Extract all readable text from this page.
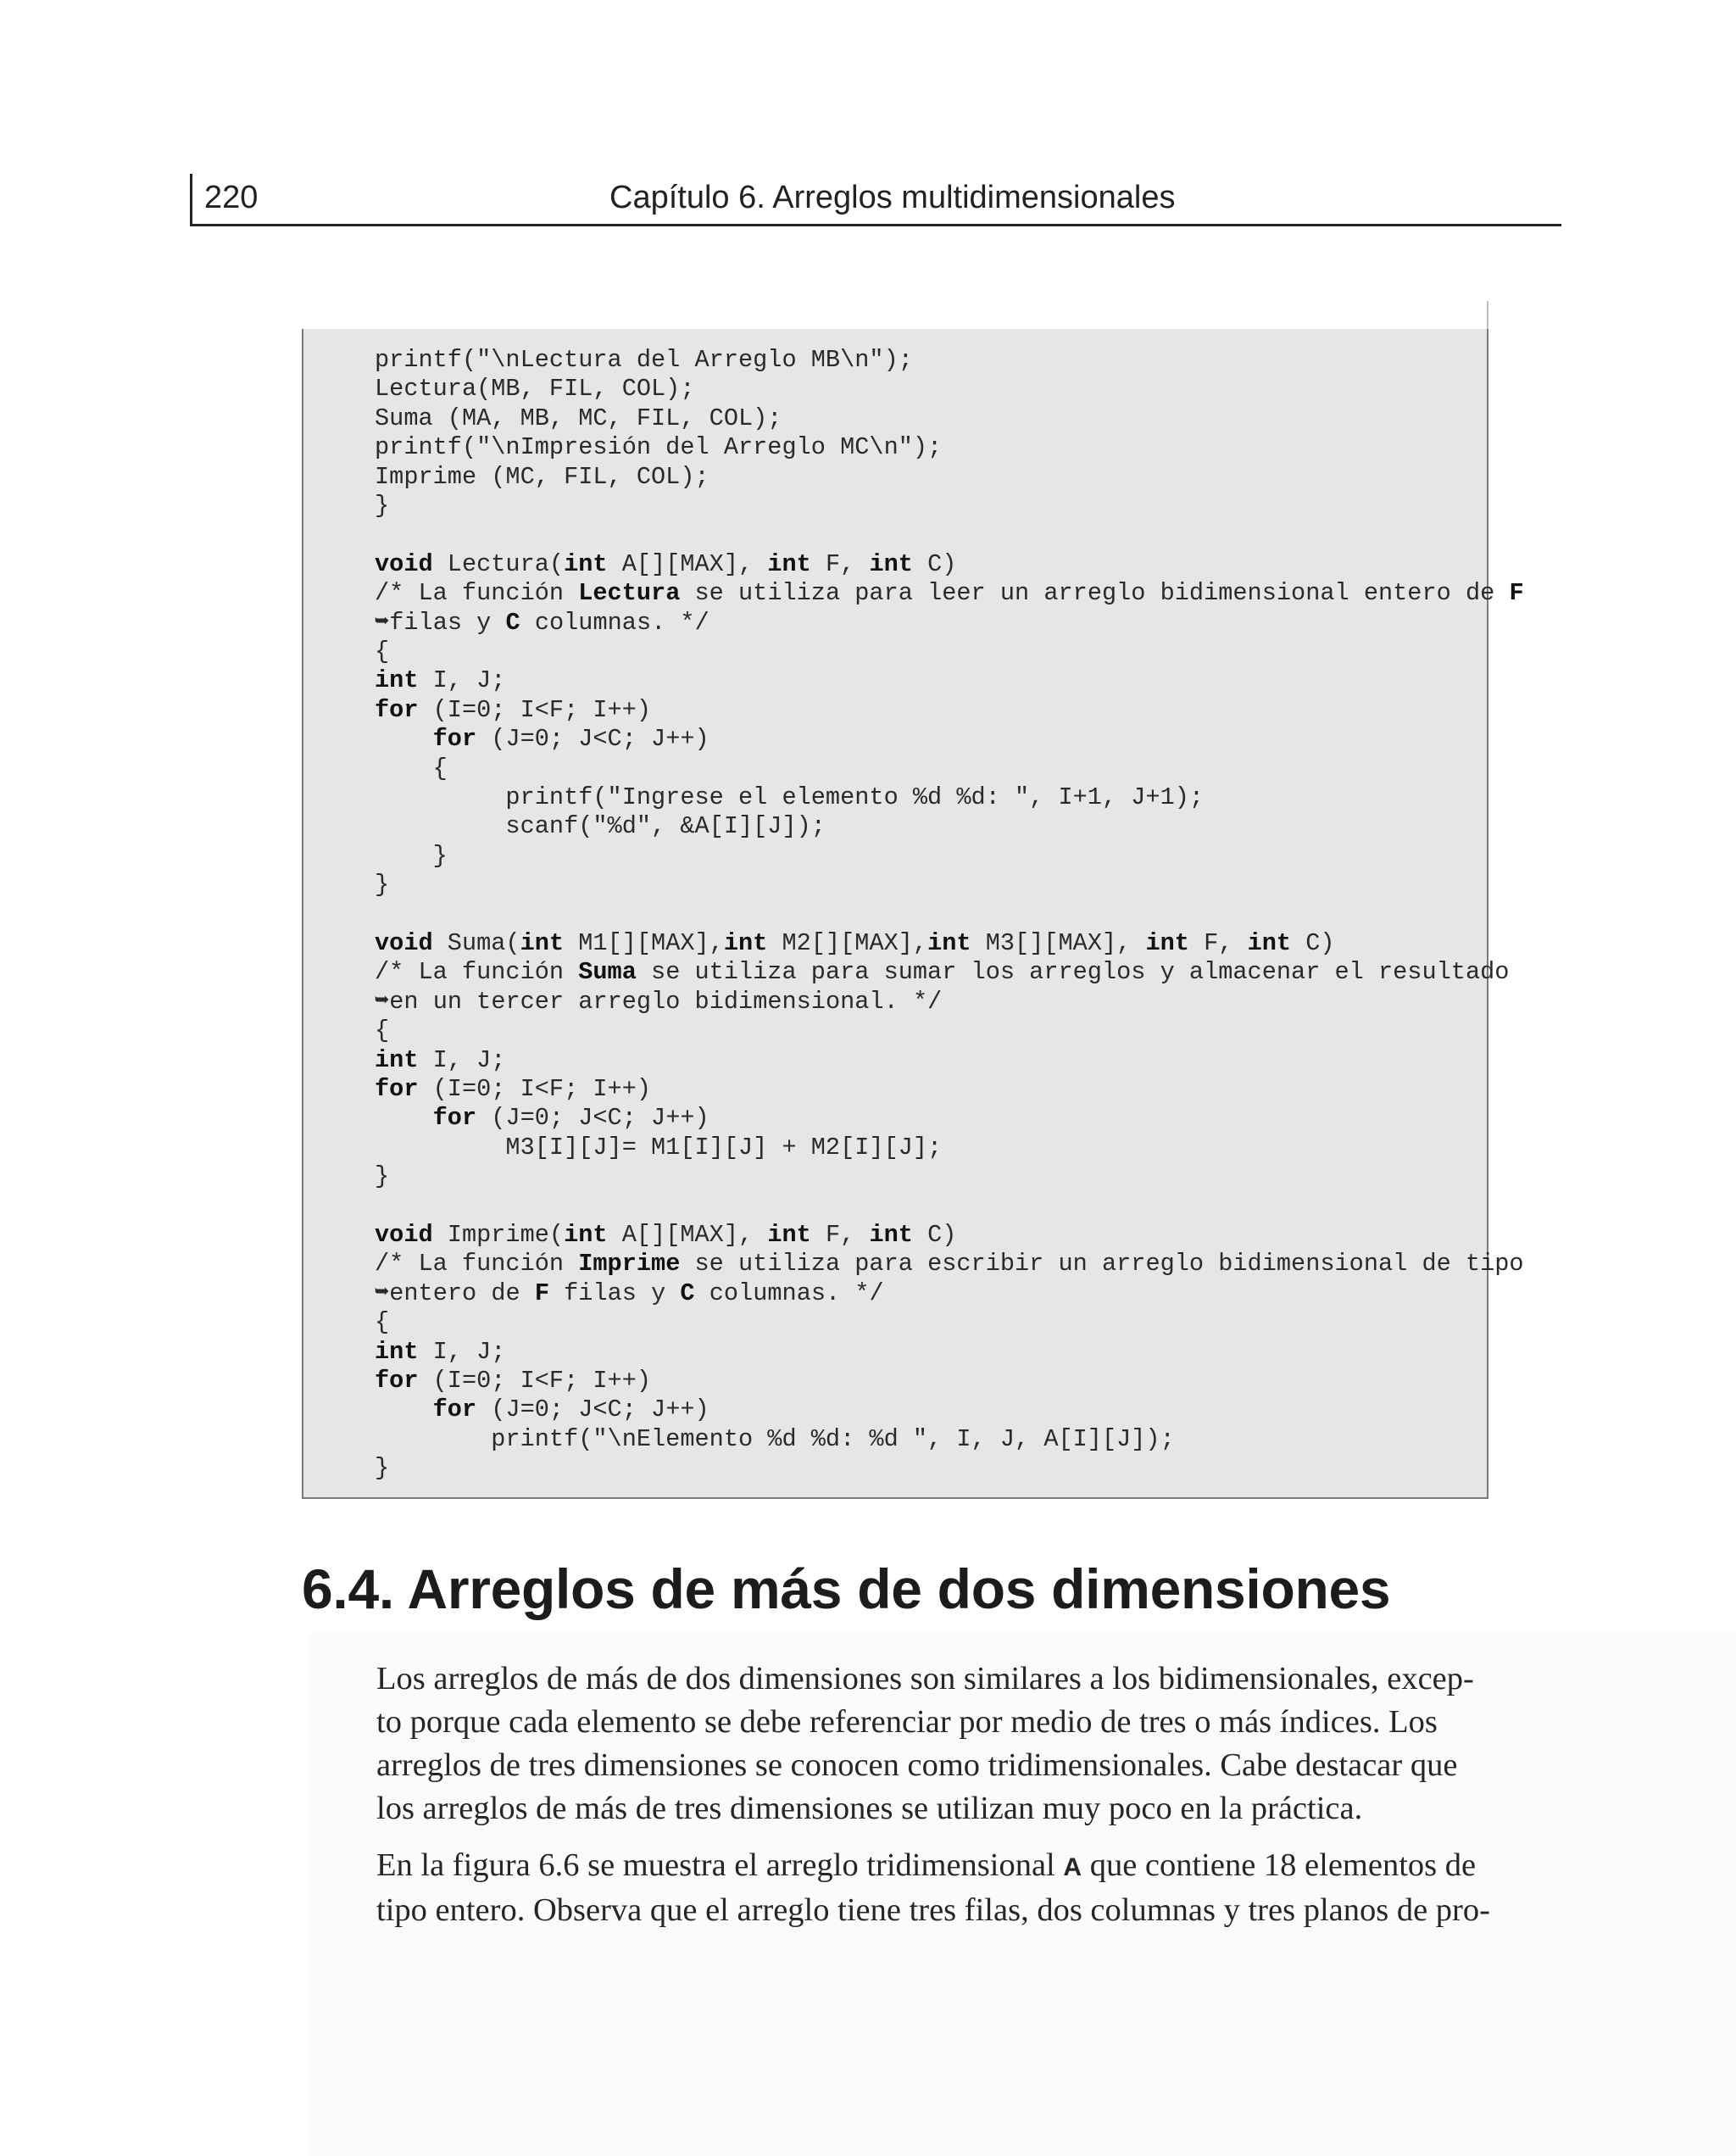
220	Capítulo 6. Arreglos multidimensionales
printf("\nLectura del Arreglo MB\n");
Lectura(MB, FIL, COL);
Suma (MA, MB, MC, FIL, COL);
printf("\nImpresión del Arreglo MC\n");
Imprime (MC, FIL, COL);
}
void Lectura(int A[][MAX], int F, int C)
/* La función Lectura se utiliza para leer un arreglo bidimensional entero de F
➥filas y C columnas. */
{
int I, J;
for (I=0; I<F; I++)
for (J=0; J<C; J++)
{
printf("Ingrese el elemento %d %d: ", I+1, J+1);
scanf("%d", &A[I][J]);
}
}
void Suma(int M1[][MAX],int M2[][MAX],int M3[][MAX], int F, int C)
/* La función Suma se utiliza para sumar los arreglos y almacenar el resultado
➥en un tercer arreglo bidimensional. */
{
int I, J;
for (I=0; I<F; I++)
for (J=0; J<C; J++)
M3[I][J]= M1[I][J] + M2[I][J];
}
void Imprime(int A[][MAX], int F, int C)
/* La función Imprime se utiliza para escribir un arreglo bidimensional de tipo
➥entero de F filas y C columnas. */
{
int I, J;
for (I=0; I<F; I++)
for (J=0; J<C; J++)
printf("\nElemento %d %d: %d ", I, J, A[I][J]);
}
6.4. Arreglos de más de dos dimensiones
Los arreglos de más de dos dimensiones son similares a los bidimensionales, excep-
to porque cada elemento se debe referenciar por medio de tres o más índices. Los
arreglos de tres dimensiones se conocen como tridimensionales. Cabe destacar que
los arreglos de más de tres dimensiones se utilizan muy poco en la práctica.
En la figura 6.6 se muestra el arreglo tridimensional A que contiene 18 elementos de
tipo entero. Observa que el arreglo tiene tres filas, dos columnas y tres planos de pro-
